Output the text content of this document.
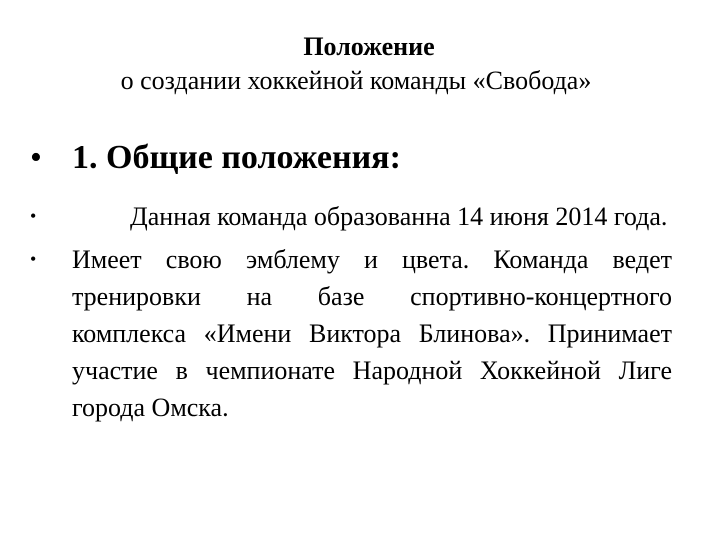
Положение
о создании хоккейной команды «Свобода»
• 1. Общие положения:
•	Данная команда образованна 14 июня 2014 года.
• Имеет свою эмблему и цвета. Команда ведет тренировки на базе спортивно-концертного комплекса «Имени Виктора Блинова». Принимает участие в чемпионате Народной Хоккейной Лиге города Омска.
